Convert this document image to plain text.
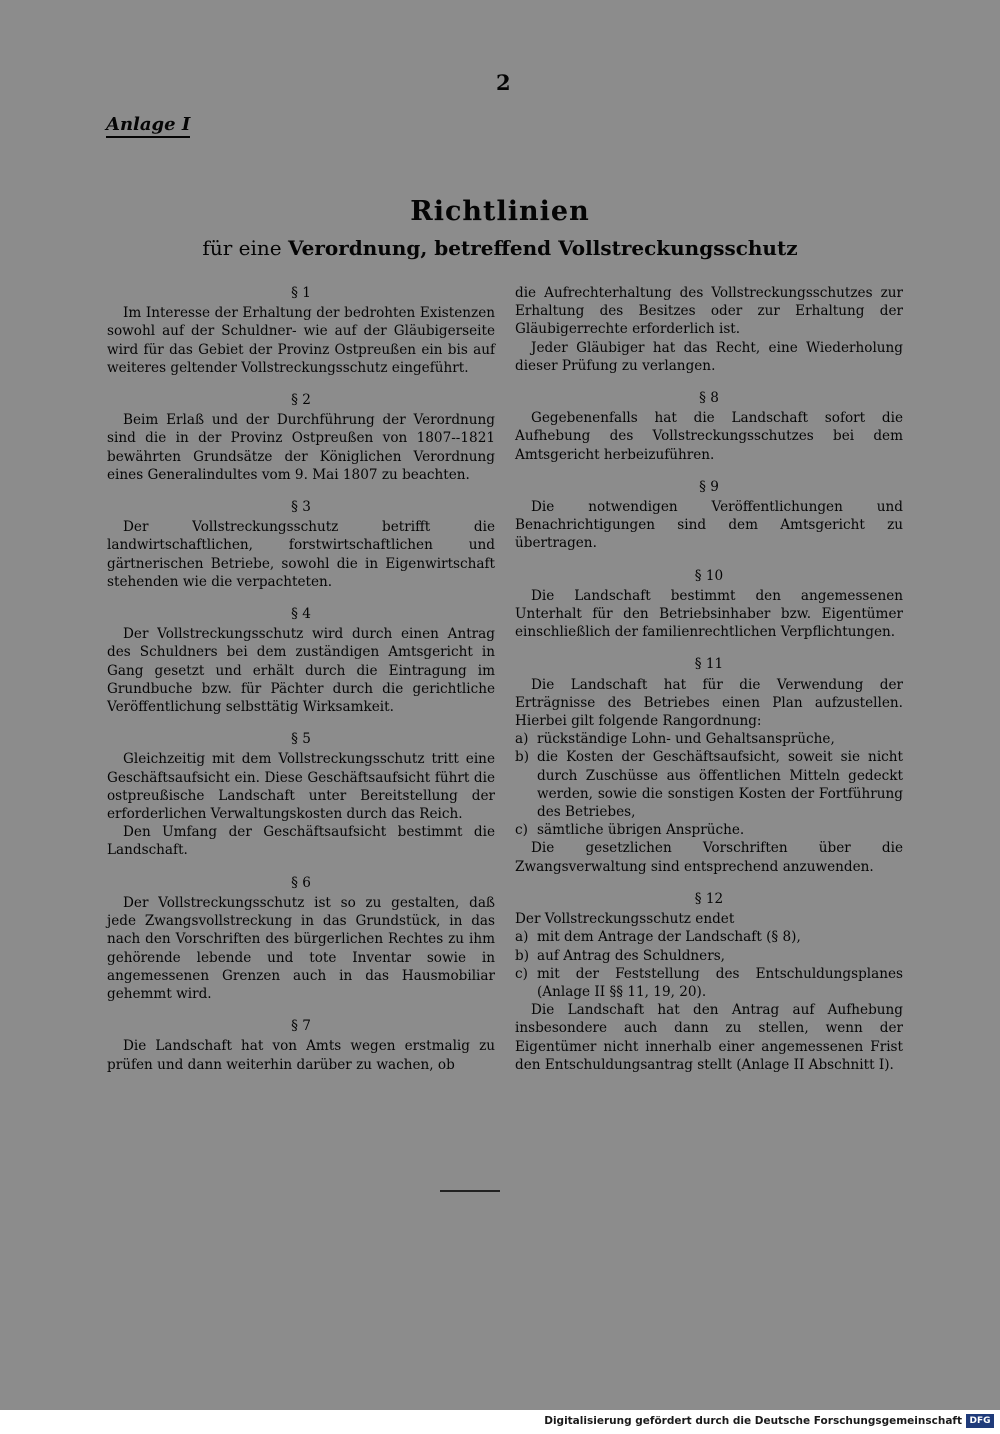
2
Anlage I
Richtlinien
für eine Verordnung, betreffend Vollstreckungsschutz
§ 1

Im Interesse der Erhaltung der bedrohten Existenzen sowohl auf der Schuldner- wie auf der Gläubigerseite wird für das Gebiet der Provinz Ostpreußen ein bis auf weiteres geltender Vollstreckungsschutz eingeführt.

§ 2

Beim Erlaß und der Durchführung der Verordnung sind die in der Provinz Ostpreußen von 1807--1821 bewährten Grundsätze der Königlichen Verordnung eines Generalindultes vom 9. Mai 1807 zu beachten.

§ 3

Der Vollstreckungsschutz betrifft die landwirtschaftlichen, forstwirtschaftlichen und gärtnerischen Betriebe, sowohl die in Eigenwirtschaft stehenden wie die verpachteten.

§ 4

Der Vollstreckungsschutz wird durch einen Antrag des Schuldners bei dem zuständigen Amtsgericht in Gang gesetzt und erhält durch die Eintragung im Grundbuche bzw. für Pächter durch die gerichtliche Veröffentlichung selbsttätig Wirksamkeit.

§ 5

Gleichzeitig mit dem Vollstreckungsschutz tritt eine Geschäftsaufsicht ein. Diese Geschäftsaufsicht führt die ostpreußische Landschaft unter Bereitstellung der erforderlichen Verwaltungskosten durch das Reich.

Den Umfang der Geschäftsaufsicht bestimmt die Landschaft.

§ 6

Der Vollstreckungsschutz ist so zu gestalten, daß jede Zwangsvollstreckung in das Grundstück, in das nach den Vorschriften des bürgerlichen Rechtes zu ihm gehörende lebende und tote Inventar sowie in angemessenen Grenzen auch in das Hausmobiliar gehemmt wird.

§ 7

Die Landschaft hat von Amts wegen erstmalig zu prüfen und dann weiterhin darüber zu wachen, ob

die Aufrechterhaltung des Vollstreckungsschutzes zur Erhaltung des Besitzes oder zur Erhaltung der Gläubigerrechte erforderlich ist.

Jeder Gläubiger hat das Recht, eine Wiederholung dieser Prüfung zu verlangen.

§ 8

Gegebenenfalls hat die Landschaft sofort die Aufhebung des Vollstreckungsschutzes bei dem Amtsgericht herbeizuführen.

§ 9

Die notwendigen Veröffentlichungen und Benachrichtigungen sind dem Amtsgericht zu übertragen.

§ 10

Die Landschaft bestimmt den angemessenen Unterhalt für den Betriebsinhaber bzw. Eigentümer einschließlich der familienrechtlichen Verpflichtungen.

§ 11

Die Landschaft hat für die Verwendung der Erträgnisse des Betriebes einen Plan aufzustellen. Hierbei gilt folgende Rangordnung:

a) rückständige Lohn- und Gehaltsansprüche,
b) die Kosten der Geschäftsaufsicht, soweit sie nicht durch Zuschüsse aus öffentlichen Mitteln gedeckt werden, sowie die sonstigen Kosten der Fortführung des Betriebes,
c) sämtliche übrigen Ansprüche.

Die gesetzlichen Vorschriften über die Zwangsverwaltung sind entsprechend anzuwenden.

§ 12

Der Vollstreckungsschutz endet

a) mit dem Antrage der Landschaft (§ 8),
b) auf Antrag des Schuldners,
c) mit der Feststellung des Entschuldungsplanes (Anlage II §§ 11, 19, 20).

Die Landschaft hat den Antrag auf Aufhebung insbesondere auch dann zu stellen, wenn der Eigentümer nicht innerhalb einer angemessenen Frist den Entschuldungsantrag stellt (Anlage II Abschnitt I).

Digitalisierung gefördert durch die Deutsche Forschungsgemeinschaft DFG
